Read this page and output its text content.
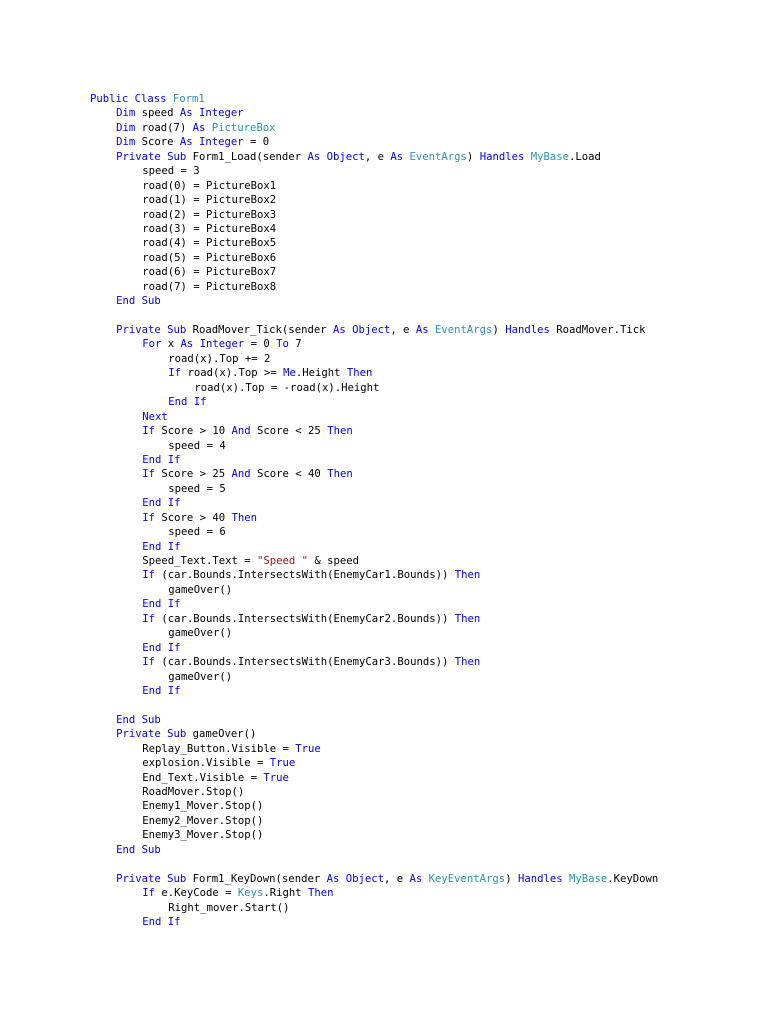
Public Class Form1
Dim speed As Integer
Dim road(7) As PictureBox
Dim Score As Integer = 0
Private Sub Form1_Load(sender As Object, e As EventArgs) Handles MyBase.Load
speed = 3
road(0) = PictureBox1
road(1) = PictureBox2
road(2) = PictureBox3
road(3) = PictureBox4
road(4) = PictureBox5
road(5) = PictureBox6
road(6) = PictureBox7
road(7) = PictureBox8
End Sub

Private Sub RoadMover_Tick(sender As Object, e As EventArgs) Handles RoadMover.Tick
For x As Integer = 0 To 7
road(x).Top += 2
If road(x).Top >= Me.Height Then
road(x).Top = -road(x).Height
End If
Next
If Score > 10 And Score < 25 Then
speed = 4
End If
If Score > 25 And Score < 40 Then
speed = 5
End If
If Score > 40 Then
speed = 6
End If
Speed_Text.Text = "Speed " & speed
If (car.Bounds.IntersectsWith(EnemyCar1.Bounds)) Then
gameOver()
End If
If (car.Bounds.IntersectsWith(EnemyCar2.Bounds)) Then
gameOver()
End If
If (car.Bounds.IntersectsWith(EnemyCar3.Bounds)) Then
gameOver()
End If

End Sub
Private Sub gameOver()
Replay_Button.Visible = True
explosion.Visible = True
End_Text.Visible = True
RoadMover.Stop()
Enemy1_Mover.Stop()
Enemy2_Mover.Stop()
Enemy3_Mover.Stop()
End Sub

Private Sub Form1_KeyDown(sender As Object, e As KeyEventArgs) Handles MyBase.KeyDown
If e.KeyCode = Keys.Right Then
Right_mover.Start()
End If
